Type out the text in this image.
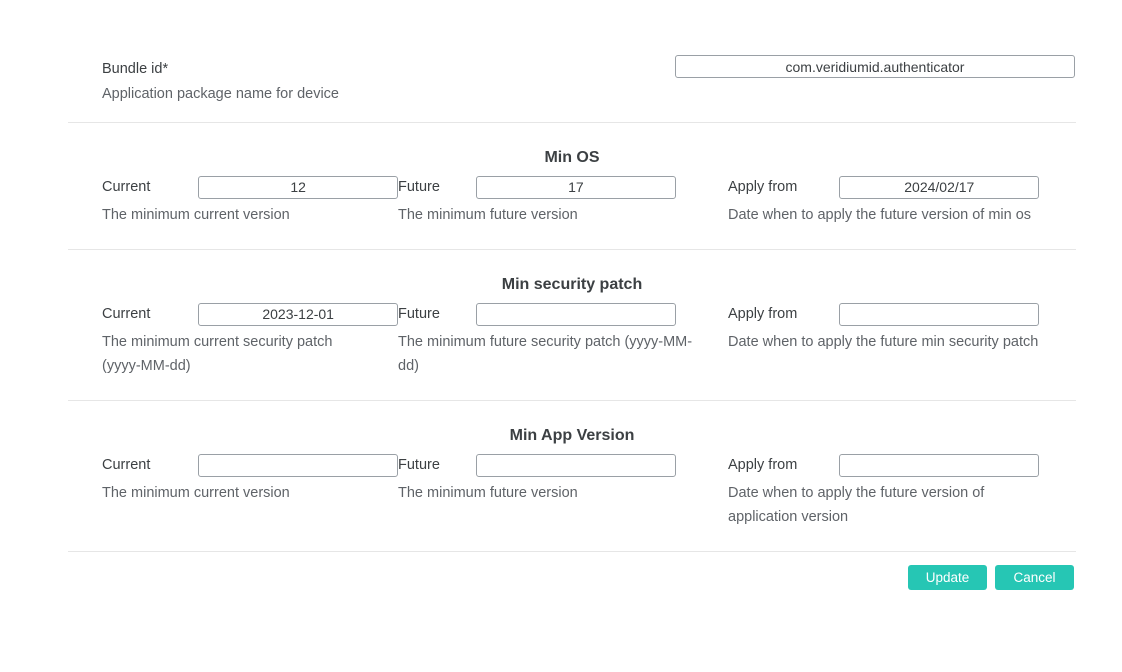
Bundle id*
Application package name for device
com.veridiumid.authenticator
Min OS
Current
12
The minimum current version
Future
17
The minimum future version
Apply from
2024/02/17
Date when to apply the future version of min os
Min security patch
Current
2023-12-01
The minimum current security patch (yyyy-MM-dd)
Future
The minimum future security patch (yyyy-MM-dd)
Apply from
Date when to apply the future min security patch
Min App Version
Current
The minimum current version
Future
The minimum future version
Apply from
Date when to apply the future version of application version
Update	Cancel
